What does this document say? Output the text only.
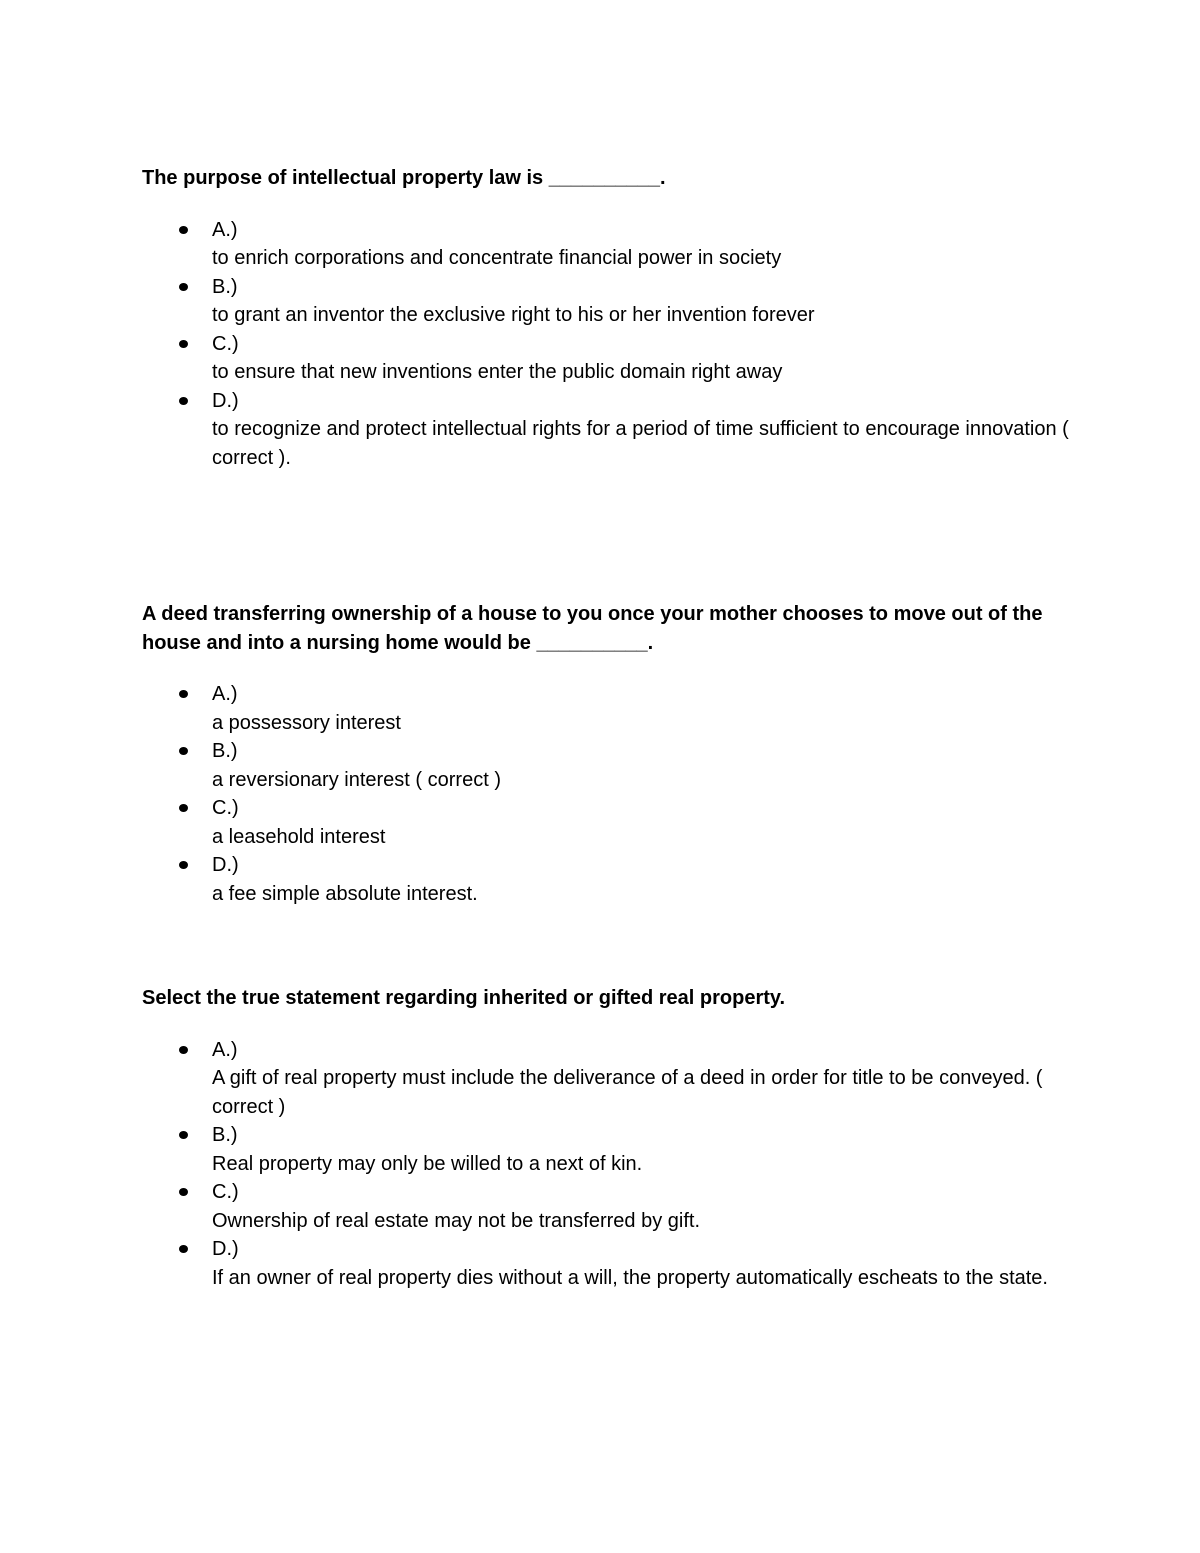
The purpose of intellectual property law is __________.

A.)
to enrich corporations and concentrate financial power in society
B.)
to grant an inventor the exclusive right to his or her invention forever
C.)
to ensure that new inventions enter the public domain right away
D.)
to recognize and protect intellectual rights for a period of time sufficient to encourage innovation ( correct ).

A deed transferring ownership of a house to you once your mother chooses to move out of the house and into a nursing home would be __________.

A.)
a possessory interest
B.)
a reversionary interest ( correct )
C.)
a leasehold interest
D.)
a fee simple absolute interest.

Select the true statement regarding inherited or gifted real property.

A.)
A gift of real property must include the deliverance of a deed in order for title to be conveyed. ( correct )
B.)
Real property may only be willed to a next of kin.
C.)
Ownership of real estate may not be transferred by gift.
D.)
If an owner of real property dies without a will, the property automatically escheats to the state.
